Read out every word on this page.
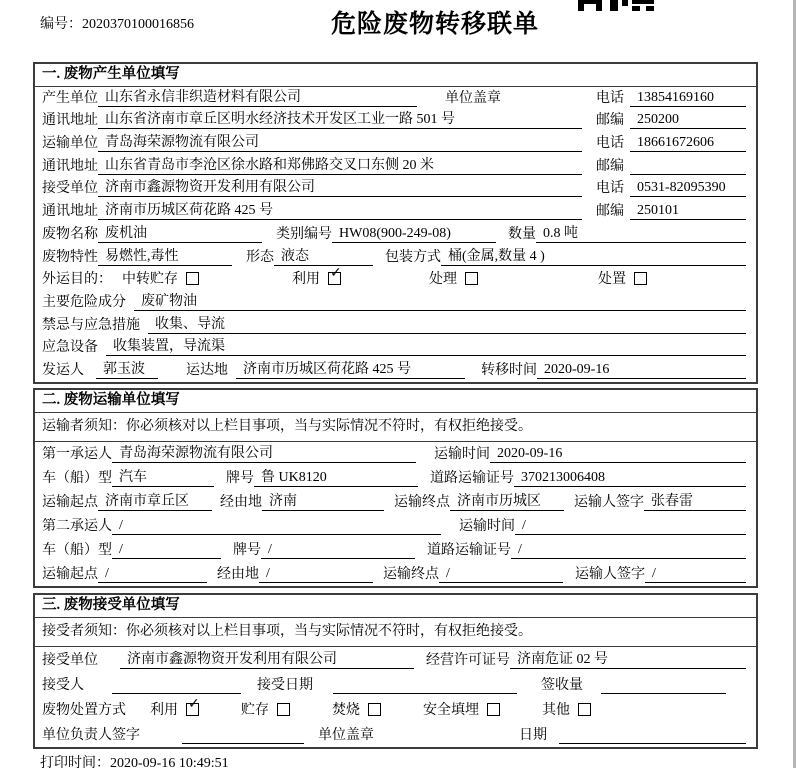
编号：2020370100016856	危险废物转移联单
一. 废物产生单位填写
产生单位 山东省永信非织造材料有限公司	单位盖章	电话 13854169160
通讯地址 山东省济南市章丘区明水经济技术开发区工业一路 501 号	邮编 250200
运输单位 青岛海荣源物流有限公司	电话 18661672606
通讯地址 山东省青岛市李沧区徐水路和郑佛路交叉口东侧 20 米	邮编
接受单位 济南市鑫源物资开发利用有限公司	电话 0531-82095390
通讯地址 济南市历城区荷花路 425 号	邮编 250101
废物名称 废机油	类别编号 HW08(900-249-08)	数量 0.8 吨
废物特性 易燃性,毒性	形态 液态	包装方式 桶(金属,数量 4 )
外运目的： 中转贮存	利用 ✓	处理	处置
主要危险成分	废矿物油
禁忌与应急措施	收集、导流
应急设备	收集装置，导流渠
发运人	郭玉波	运达地	济南市历城区荷花路 425 号	转移时间 2020-09-16
二. 废物运输单位填写
运输者须知：你必须核对以上栏目事项，当与实际情况不符时，有权拒绝接受。
第一承运人 青岛海荣源物流有限公司	运输时间 2020-09-16
车（船）型 汽车	牌号 鲁 UK8120	道路运输证号 370213006408
运输起点 济南市章丘区	经由地 济南	运输终点 济南市历城区	运输人签字 张春雷
第二承运人 /	运输时间 /
车（船）型 /	牌号 /	道路运输证号 /
运输起点 /	经由地 /	运输终点 /	运输人签字 /
三. 废物接受单位填写
接受者须知：你必须核对以上栏目事项，当与实际情况不符时，有权拒绝接受。
接受单位	济南市鑫源物资开发利用有限公司	经营许可证号 济南危证 02 号
接受人	接受日期	签收量
废物处置方式 利用 ✓	贮存	焚烧	安全填埋	其他
单位负责人签字	单位盖章	日期
打印时间：2020-09-16 10:49:51
